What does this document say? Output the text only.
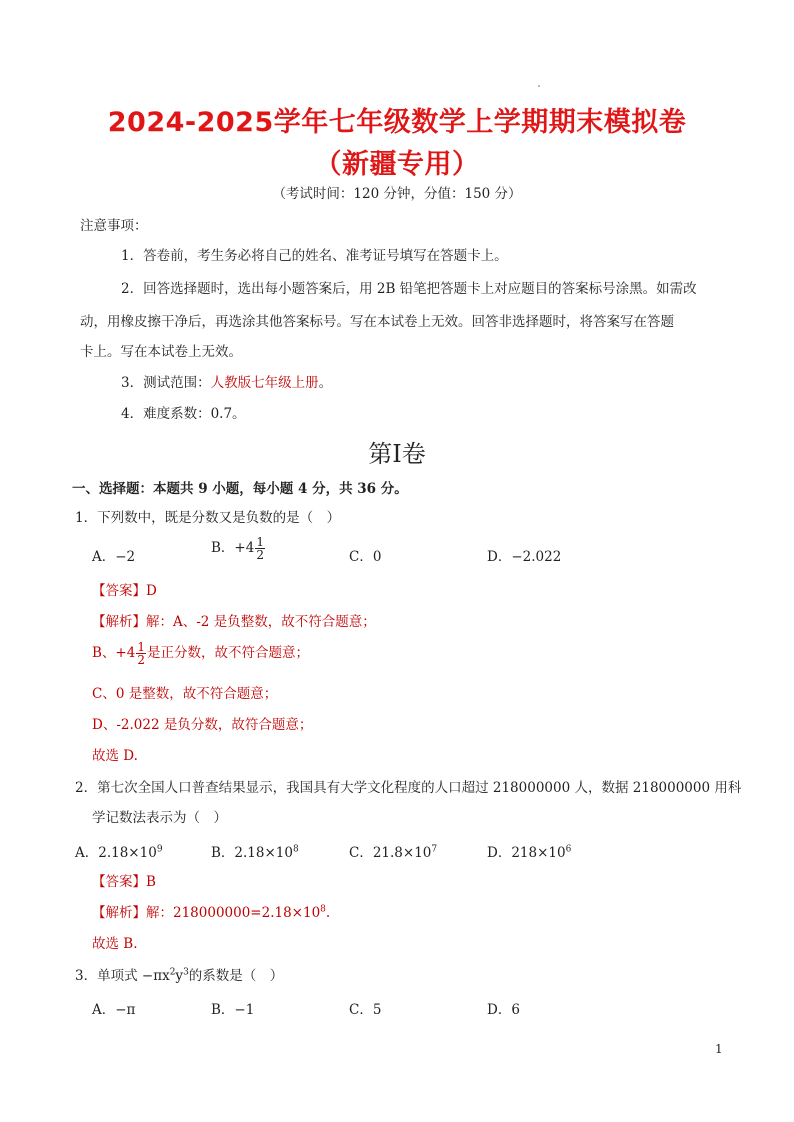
2024-2025学年七年级数学上学期期末模拟卷
（新疆专用）
（考试时间：120 分钟，分值：150 分）
注意事项：
1．答卷前，考生务必将自己的姓名、准考证号填写在答题卡上。
2．回答选择题时，选出每小题答案后，用 2B 铅笔把答题卡上对应题目的答案标号涂黑。如需改
动，用橡皮擦干净后，再选涂其他答案标号。写在本试卷上无效。回答非选择题时，将答案写在答题
卡上。写在本试卷上无效。
3．测试范围：人教版七年级上册。
4．难度系数：0.7。
第I卷
一、选择题：本题共 9 小题，每小题 4 分，共 36 分。
1．下列数中，既是分数又是负数的是（　）
A．−2
B．$+4 \frac{1}{2}$	C．0	D．−2.022
【答案】D
【解析】解：A、-2 是负整数，故不符合题意；
B、$+4 \frac{1}{2}$ 是正分数，故不符合题意；
C、0 是整数，故不符合题意；
D、-2.022 是负分数，故符合题意；
故选 D.
2．第七次全国人口普查结果显示，我国具有大学文化程度的人口超过 218000000 人，数据 218000000 用科
学记数法表示为（　）
A．$2.18\times 10^9$	B．$2.18\times 10^8$	C．$21.8\times 10^7$	D．$218\times 10^6$
【答案】B
【解析】解：$218000000=2.18\times 10^8$.
故选 B.
3．单项式 $-\pi x^2y^3$的系数是（　）
A．−π	B．−1	C．5	D．6
1
